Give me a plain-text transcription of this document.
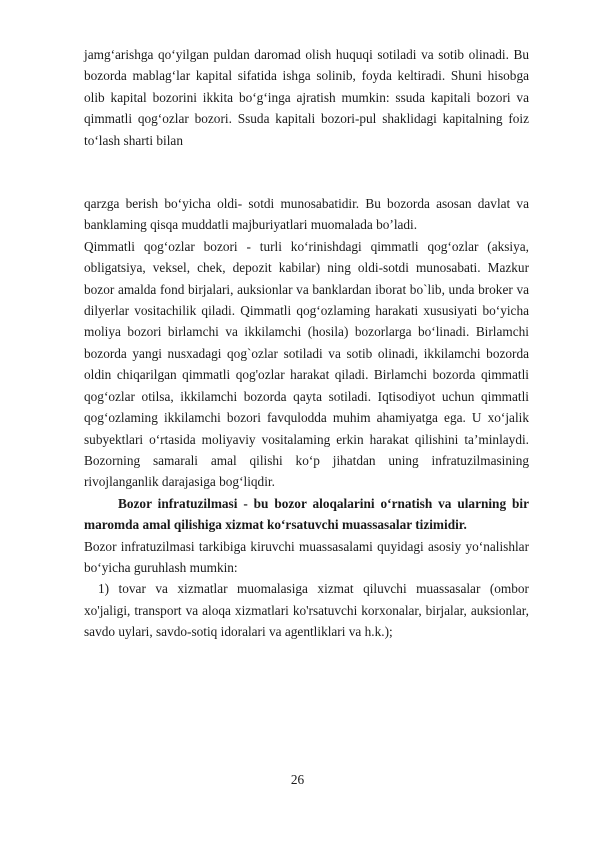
jamg‘arishga qo‘yilgan puldan daromad olish huquqi sotiladi va sotib olinadi. Bu bozorda mablag‘lar kapital sifatida ishga solinib, foyda keltiradi. Shuni hisobga olib kapital bozorini ikkita bo‘g‘inga ajratish mumkin: ssuda kapitali bozori va qimmatli qog‘ozlar bozori. Ssuda kapitali bozori-pul shaklidagi kapitalning foiz to‘lash sharti bilan

qarzga berish bo‘yicha oldi- sotdi munosabatidir. Bu bozorda asosan davlat va banklaming qisqa muddatli majburiyatlari muomalada bo’ladi.

Qimmatli qog‘ozlar bozori - turli ko‘rinishdagi qimmatli qog‘ozlar (aksiya, obligatsiya, veksel, chek, depozit kabilar) ning oldi-sotdi munosabati. Mazkur bozor amalda fond birjalari, auksionlar va banklardan iborat bo`lib, unda broker va dilyerlar vositachilik qiladi. Qimmatli qog‘ozlaming harakati xususiyati bo‘yicha moliya bozori birlamchi va ikkilamchi (hosila) bozorlarga bo‘linadi. Birlamchi bozorda yangi nusxadagi qog`ozlar sotiladi va sotib olinadi, ikkilamchi bozorda oldin chiqarilgan qimmatli qog'ozlar harakat qiladi. Birlamchi bozorda qimmatli qog‘ozlar otilsa, ikkilamchi bozorda qayta sotiladi. Iqtisodiyot uchun qimmatli qog‘ozlaming ikkilamchi bozori favqulodda muhim ahamiyatga ega. U xo‘jalik subyektlari o‘rtasida moliyaviy vositalaming erkin harakat qilishini ta’minlaydi. Bozorning samarali amal qilishi ko‘p jihatdan uning infratuzilmasining rivojlanganlik darajasiga bog‘liqdir.

Bozor infratuzilmasi - bu bozor aloqalarini o‘rnatish va ularning bir maromda amal qilishiga xizmat ko‘rsatuvchi muassasalar tizimidir.

Bozor infratuzilmasi tarkibiga kiruvchi muassasalami quyidagi asosiy yo‘nalishlar bo‘yicha guruhlash mumkin:

1) tovar va xizmatlar muomalasiga xizmat qiluvchi muassasalar (ombor xo'jaligi, transport va aloqa xizmatlari ko'rsatuvchi korxonalar, birjalar, auksionlar, savdo uylari, savdo-sotiq idoralari va agentliklari va h.k.);

26
